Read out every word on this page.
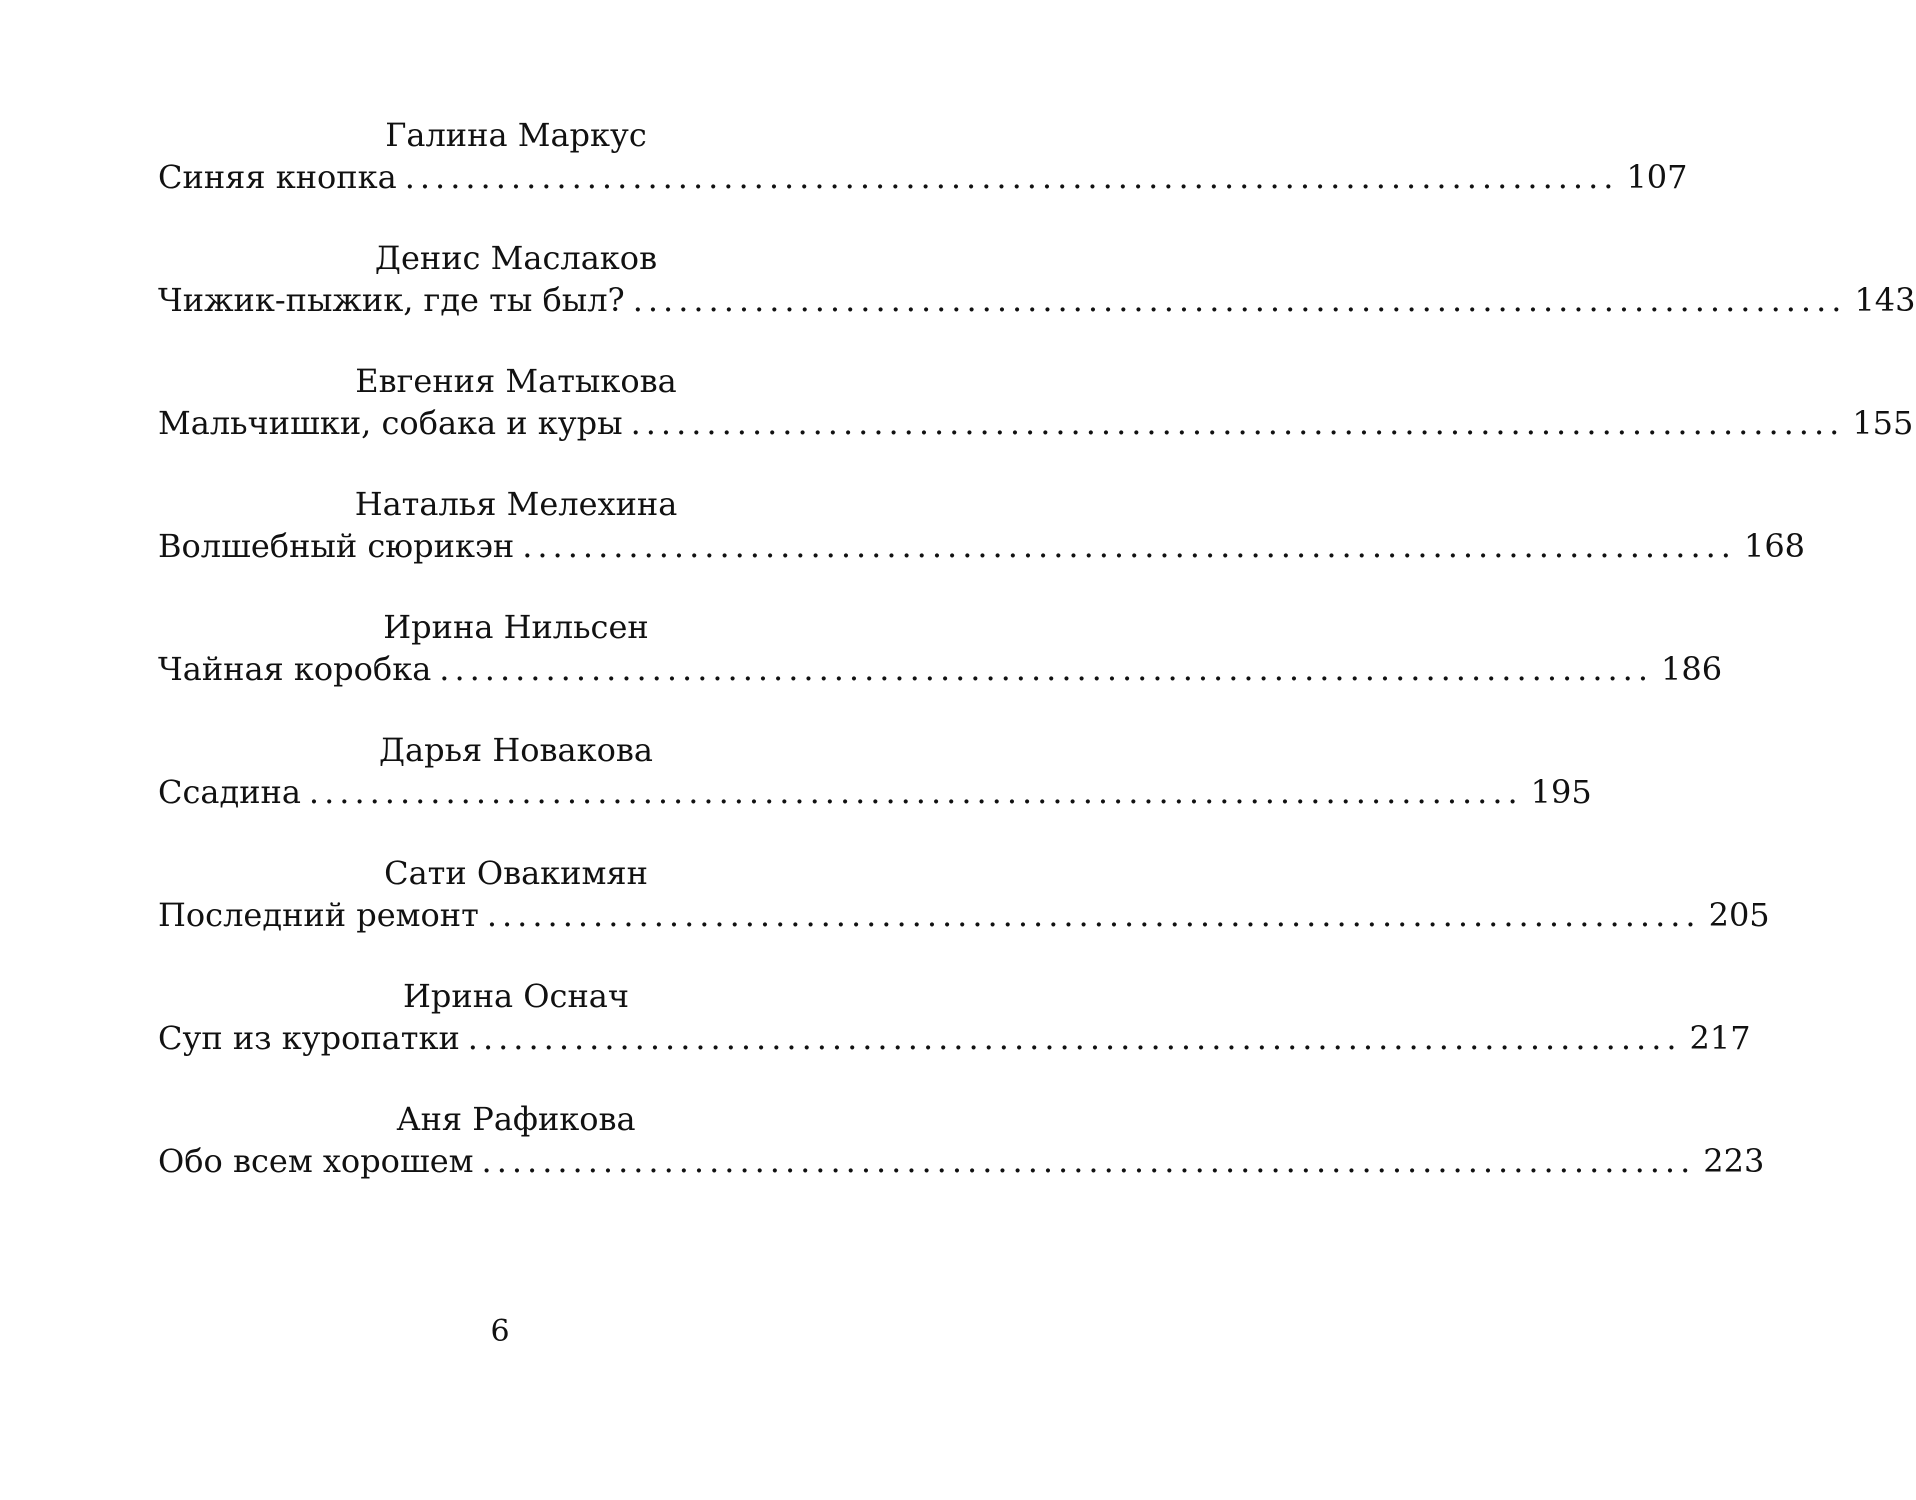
Галина Маркус
Синяя кнопка ................................................................................ 107
Денис Маслаков
Чижик-пыжик, где ты был? ................................................................................ 143
Евгения Матыкова
Мальчишки, собака и куры ................................................................................ 155
Наталья Мелехина
Волшебный сюрикэн ................................................................................ 168
Ирина Нильсен
Чайная коробка ................................................................................ 186
Дарья Новакова
Ссадина ................................................................................ 195
Сати Овакимян
Последний ремонт ................................................................................ 205
Ирина Оснач
Суп из куропатки ................................................................................ 217
Аня Рафикова
Обо всем хорошем ................................................................................ 223
6
